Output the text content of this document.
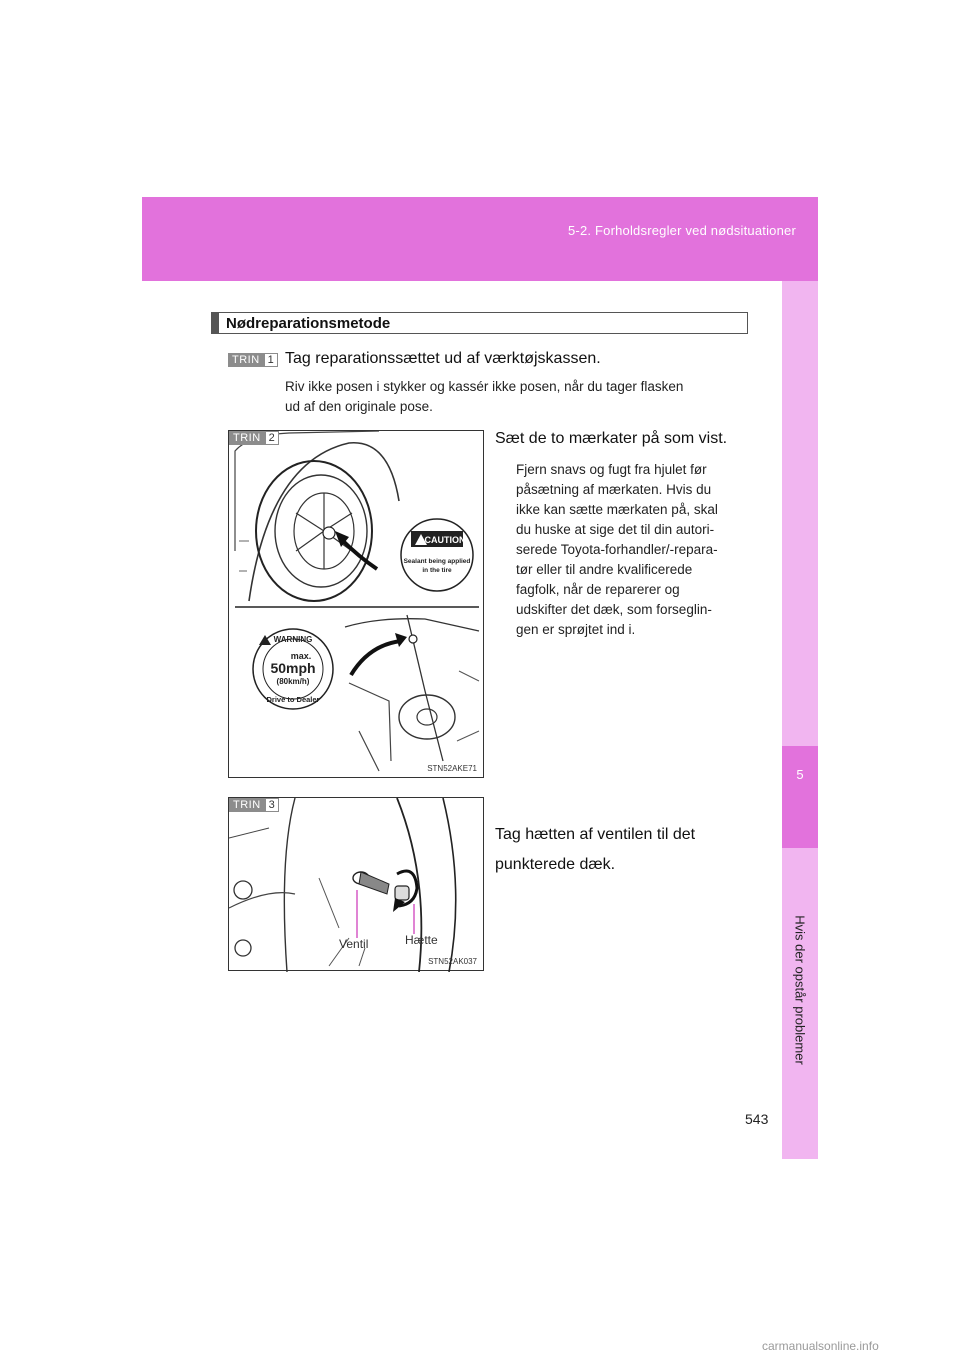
5-2. Forholdsregler ved nødsituationer
5
Hvis der opstår problemer
Nødreparationsmetode
TRIN 1 Tag reparationssættet ud af værktøjskassen.
Riv ikke posen i stykker og kassér ikke posen, når du tager flasken
ud af den originale pose.
CAUTION
Sealant being applied
in the tire
WARNING
max.
50mph
(80km/h)
Drive to Dealer
TRIN 2
STN52AKE71
Sæt de to mærkater på som vist.
Fjern snavs og fugt fra hjulet før
påsætning af mærkaten. Hvis du
ikke kan sætte mærkaten på, skal
du huske at sige det til din autori-
serede Toyota-forhandler/-repara-
tør eller til andre kvalificerede
fagfolk, når de reparerer og
udskifter det dæk, som forseglin-
gen er sprøjtet ind i.
TRIN 3
Ventil	Hætte
STN52AK037
Tag hætten af ventilen til det
punkterede dæk.
543
carmanualsonline.info
